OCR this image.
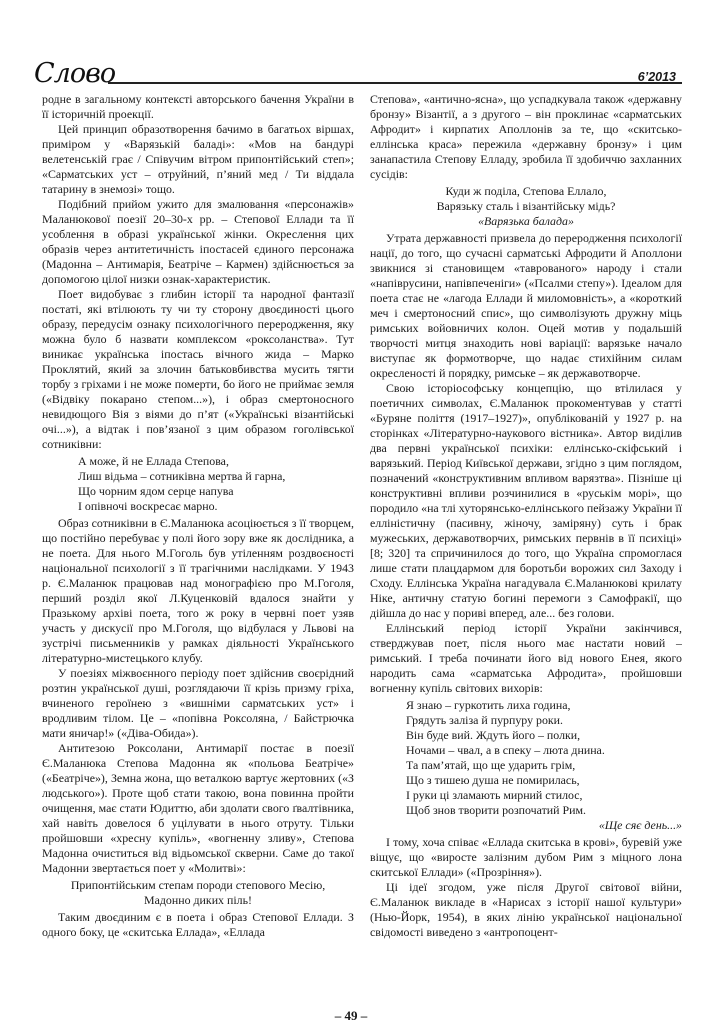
Слово	6’2013

родне в загальному контексті авторського бачення України в її історичній проекції.

Цей принцип образотворення бачимо в багатьох віршах, приміром у «Варязькій баладі»: «Мов на бандурі велетенській грає / Співучим вітром припонтійський степ»; «Сарматських уст – отруйний, п’яний мед / Ти віддала татарину в знемозі» тощо.

Подібний прийом ужито для змалювання «персонажів» Маланюкової поезії 20–30-х рр. – Степової Еллади та її усоблення в образі української жінки. Окреслення цих образів через антитетичність іпостасей єдиного персонажа (Мадонна – Антимарія, Беатріче – Кармен) здійснюється за допомогою цілої низки ознак-характеристик.

Поет видобуває з глибин історії та народної фантазії постаті, які втілюють ту чи ту сторону двоєдиності цього образу, передусім ознаку психологічного переродження, яку можна було б назвати комплексом «роксоланства». Тут виникає українська іпостась вічного жида – Марко Проклятий, який за злочин батьковбивства мусить тягти торбу з гріхами і не може померти, бо його не приймає земля («Відвіку покарано степом...»), і образ смертоносного невидющого Вія з віями до п’ят («Українські візантійські очі...»), а відтак і пов’язаної з цим образом гоголівської сотниківни:

А може, й не Еллада Степова,
Лиш відьма – сотниківна мертва й гарна,
Що чорним ядом серце напува
І опівночі воскресає марно.

Образ сотниківни в Є.Маланюка асоціюється з її творцем, що постійно перебуває у полі його зору вже як дослідника, а не поета. Для нього М.Гоголь був утіленням роздвоєності національної психології з її трагічними наслідками. У 1943 р. Є.Маланюк працював над монографією про М.Гоголя, перший розділ якої Л.Куценковій вдалося знайти у Празькому архіві поета, того ж року в червні поет узяв участь у дискусії про М.Гоголя, що відбулася у Львові на зустрічі письменників у рамках діяльності Українського літературно-мистецького клубу.

У поезіях міжвоєнного періоду поет здійснив своєрідний розтин української душі, розглядаючи її крізь призму гріха, вчиненого героїнею з «вишніми сарматських уст» і вродливим тілом. Це – «попівна Роксоляна, / Байстрючка мати яничар!» («Діва-Обида»).

Антитезою Роксолани, Антимарії постає в поезії Є.Маланюка Степова Мадонна як «польова Беатріче» («Беатріче»), Земна жона, що веталкою вартує жертовних («З людського»). Проте щоб стати такою, вона повинна пройти очищення, має стати Юдиттю, аби здолати свого ґвалтівника, хай навіть довелося б уцілувати в нього отруту. Тільки пройшовши «хресну купіль», «вогненну зливу», Степова Мадонна очиститься від відьомської скверни. Саме до такої Мадонни звертається поет у «Молитві»:

Припонтійським степам породи степового Месію,
Мадонно диких піль!

Таким двоєдиним є в поета і образ Степової Еллади. З одного боку, це «скитська Еллада», «Еллада

Степова», «антично-ясна», що успадкувала також «державну бронзу» Візантії, а з другого – він проклинає «сарматських Афродит» і кирпатих Аполлонів за те, що «скитсько-еллінська краса» пережила «державну бронзу» і цим занапастила Степову Елладу, зробила її здобиччю захланних сусідів:

Куди ж поділа, Степова Еллало,
Варязьку сталь і візантійську мідь?
«Варязька балада»

Утрата державності призвела до переродження психології нації, до того, що сучасні сарматські Афродити й Аполлони звикнися зі становищем «таврованого» народу і стали «напіврусини, напівпеченіги» («Псалми степу»). Ідеалом для поета стає не «лагода Еллади й миломовність», а «короткий меч і смертоносний спис», що символізують дружну міць римських войовничих колон. Оцей мотив у подальшій творчості митця знаходить нові варіації: варязьке начало виступає як формотворче, що надає стихійним силам окресленості й порядку, римське – як державотворче.

Свою історіософську концепцію, що втілилася у поетичних символах, Є.Маланюк прокоментував у статті «Буряне поліття (1917–1927)», опублікованій у 1927 р. на сторінках «Літературно-наукового вістника». Автор виділив два первні української психіки: еллінсько-скіфський і варязький. Період Київської держави, згідно з цим поглядом, позначений «конструктивним впливом варязтва». Пізніше ці конструктивні впливи розчинилися в «руськім морі», що породило «на тлі хуторянсько-еллінського пейзажу України її елліністичну (пасивну, жіночу, заміряну) суть і брак мужеських, державотворчих, римських первнів в її психіці» [8; 320] та спричинилося до того, що Україна спромоглася лише стати плацдармом для боротьби ворожих сил Заходу і Сходу. Еллінська Україна нагадувала Є.Маланюкові крилату Ніке, античну статую богині перемоги з Самофракії, що дійшла до нас у пориві вперед, але... без голови.

Еллінський період історії України закінчився, стверджував поет, після нього має настати новий – римський. І треба починати його від нового Енея, якого народить сама «сарматська Афродита», пройшовши вогненну купіль світових вихорів:

Я знаю – гуркотить лиха година,
Грядуть заліза й пурпуру роки.
Він буде вий. Ждуть його – полки,
Ночами – чвал, а в спеку – люта днина.
Та пам’ятай, що ще ударить грім,
Що з тишею душа не помирилась,
І руки ці зламають мирний стилос,
Щоб знов творити розпочатий Рим.
«Ще сяє день...»

І тому, хоча співає «Еллада скитська в крові», буревій уже віщує, що «виросте залізним дубом Рим з міцного лона скитської Еллади» («Прозріння»).

Ці ідеї згодом, уже після Другої світової війни, Є.Маланюк викладе в «Нарисах з історії нашої культури» (Нью-Йорк, 1954), в яких лінію української національної свідомості виведено з «антропоцент-

– 49 –
